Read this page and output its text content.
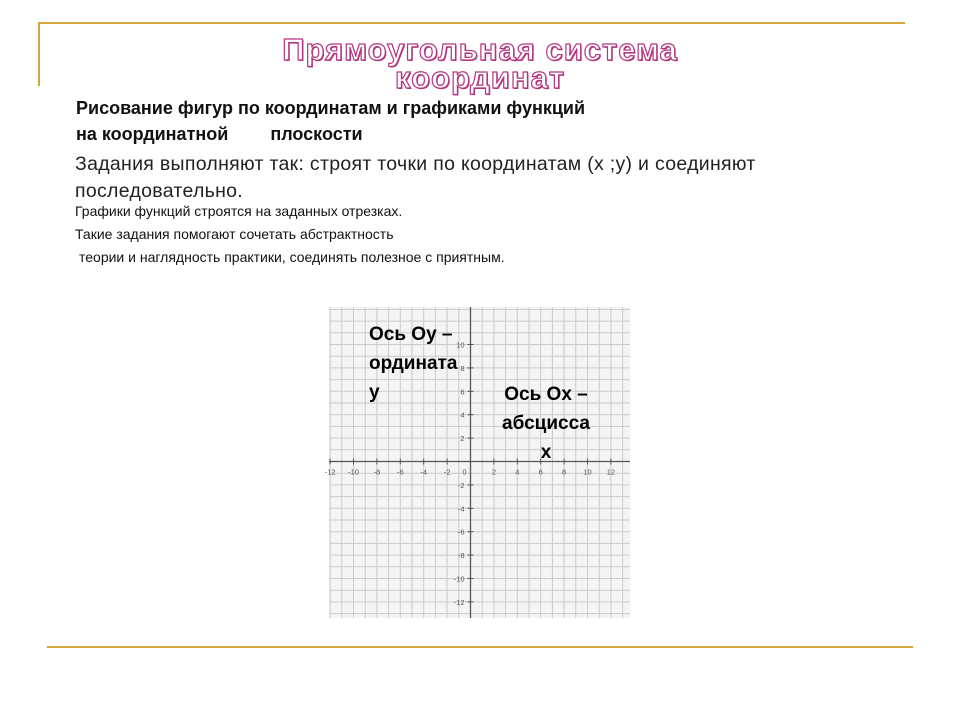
Прямоугольная система
координат
Рисование фигур по координатам и графиками функций
на координатной плоскости
Задания выполняют так: строят точки по координатам (х ;у) и соединяют последовательно.
Графики функций строятся на заданных отрезках.
Такие задания помогают сочетать абстрактность
теории и наглядность практики, соединять полезное с приятным.
-12 -10 -8 -6 -4 -2 0	2	4	6	8 10 12
10
8
6
4
2
-2
-4
-6
-8
-10
-12
Ось Оу –
ордината
у	Ось Ох –
абсцисса
х
